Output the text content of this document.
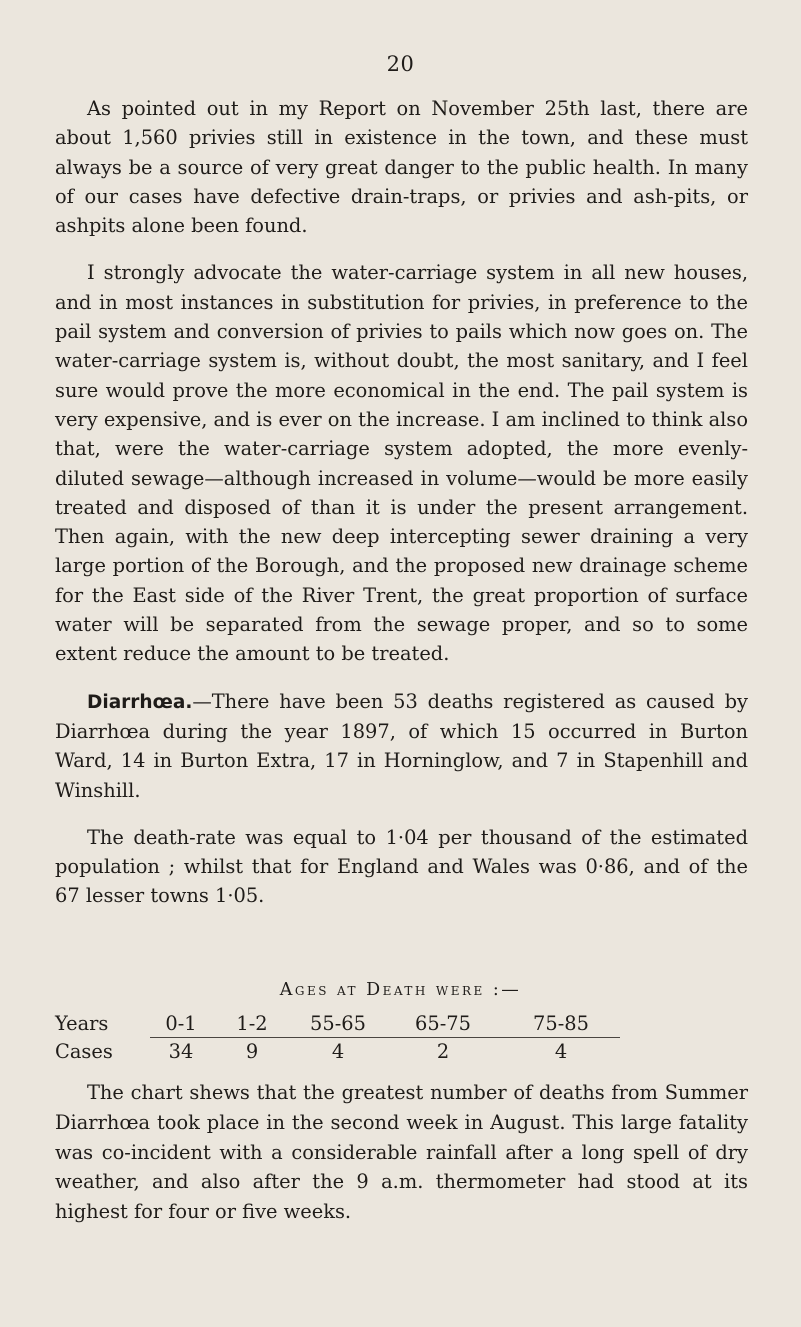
20

As pointed out in my Report on November 25th last, there are about 1,560 privies still in existence in the town, and these must always be a source of very great danger to the public health. In many of our cases have defective drain-traps, or privies and ash-pits, or ashpits alone been found.

I strongly advocate the water-carriage system in all new houses, and in most instances in substitution for privies, in preference to the pail system and conversion of privies to pails which now goes on. The water-carriage system is, without doubt, the most sanitary, and I feel sure would prove the more economical in the end. The pail system is very expensive, and is ever on the increase. I am inclined to think also that, were the water-carriage system adopted, the more evenly-diluted sewage—although increased in volume—would be more easily treated and disposed of than it is under the present arrangement. Then again, with the new deep intercepting sewer draining a very large portion of the Borough, and the proposed new drainage scheme for the East side of the River Trent, the great proportion of surface water will be separated from the sewage proper, and so to some extent reduce the amount to be treated.

Diarrhœa.—There have been 53 deaths registered as caused by Diarrhœa during the year 1897, of which 15 occurred in Burton Ward, 14 in Burton Extra, 17 in Horninglow, and 7 in Stapenhill and Winshill.

The death-rate was equal to 1·04 per thousand of the estimated population ; whilst that for England and Wales was 0·86, and of the 67 lesser towns 1·05.

Ages at Death were :—
Years	0-1	1-2	55-65	65-75	75-85
Cases	34	9	4	2	4

The chart shews that the greatest number of deaths from Summer Diarrhœa took place in the second week in August. This large fatality was co-incident with a considerable rainfall after a long spell of dry weather, and also after the 9 a.m. thermometer had stood at its highest for four or five weeks.
